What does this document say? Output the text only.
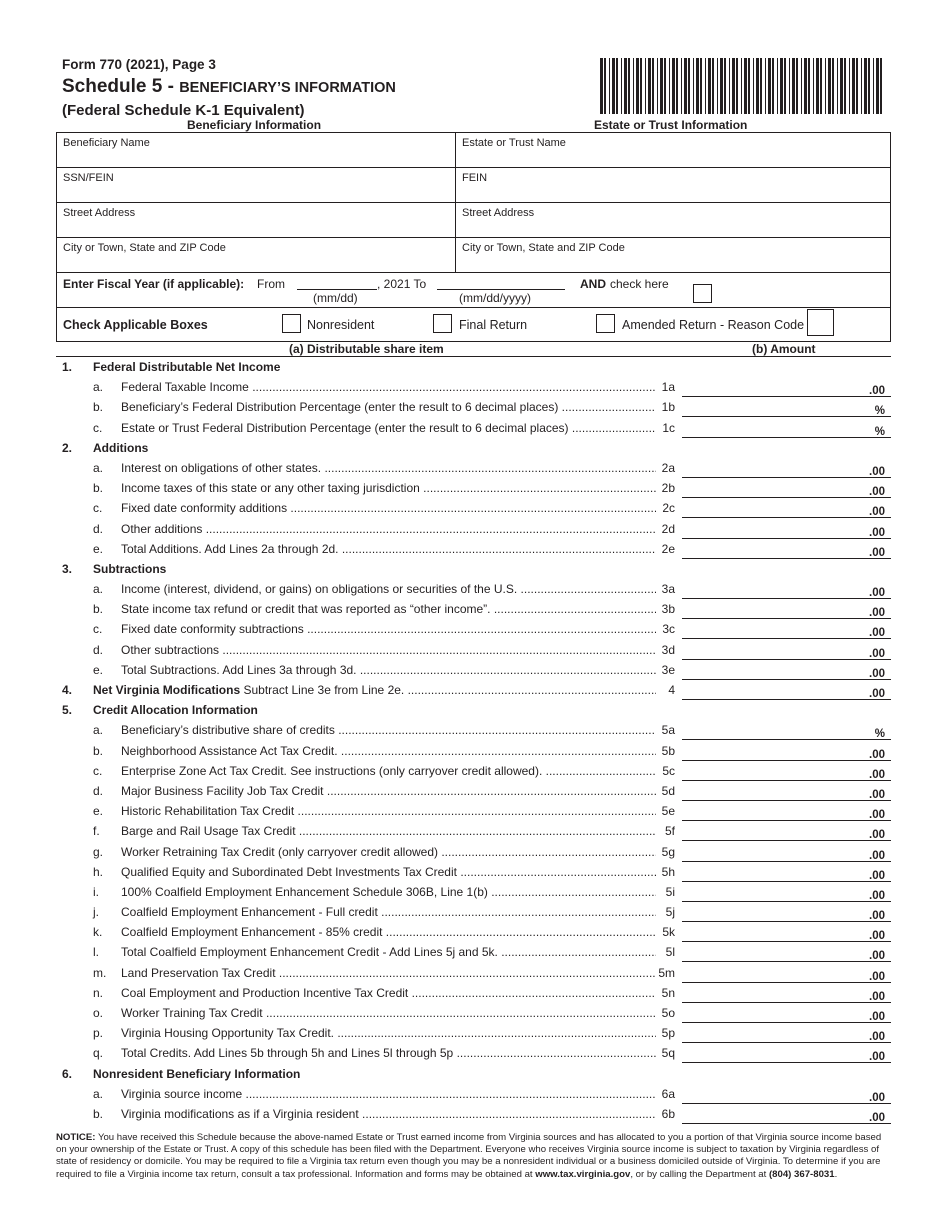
Form 770 (2021), Page 3
Schedule 5 - BENEFICIARY’S INFORMATION
(Federal Schedule K-1 Equivalent)
Beneficiary Information	Estate or Trust Information
Beneficiary Name	Estate or Trust Name
SSN/FEIN	FEIN
Street Address	Street Address
City or Town, State and ZIP Code	City or Town, State and ZIP Code
Enter Fiscal Year (if applicable): From	, 2021 To
(mm/dd)	(mm/dd/yyyy)
AND check here
Check Applicable Boxes	Nonresident	Final Return	Amended Return - Reason Code
(a) Distributable share item	(b) Amount
1. Federal Distributable Net Income
a. Federal Taxable Income .....	1a	.00
b. Beneficiary’s Federal Distribution Percentage (enter the result to 6 decimal places) .....	1b	%
c. Estate or Trust Federal Distribution Percentage (enter the result to 6 decimal places) .....	1c	%
2. Additions
a. Interest on obligations of other states. .....	2a	.00
b. Income taxes of this state or any other taxing jurisdiction .....	2b	.00
c. Fixed date conformity additions .....	2c	.00
d. Other additions .....	2d	.00
e. Total Additions. Add Lines 2a through 2d. .....	2e	.00
3. Subtractions
a. Income (interest, dividend, or gains) on obligations or securities of the U.S. .....	3a	.00
b. State income tax refund or credit that was reported as “other income”. .....	3b	.00
c. Fixed date conformity subtractions .....	3c	.00
d. Other subtractions .....	3d	.00
e. Total Subtractions. Add Lines 3a through 3d. .....	3e	.00
4. Net Virginia Modifications Subtract Line 3e from Line 2e. .....	4	.00
5. Credit Allocation Information
a. Beneficiary’s distributive share of credits .....	5a	%
b. Neighborhood Assistance Act Tax Credit. .....	5b	.00
c. Enterprise Zone Act Tax Credit. See instructions (only carryover credit allowed). .....	5c	.00
d. Major Business Facility Job Tax Credit .....	5d	.00
e. Historic Rehabilitation Tax Credit .....	5e	.00
f. Barge and Rail Usage Tax Credit .....	5f	.00
g. Worker Retraining Tax Credit (only carryover credit allowed) .....	5g	.00
h. Qualified Equity and Subordinated Debt Investments Tax Credit .....	5h	.00
i. 100% Coalfield Employment Enhancement Schedule 306B, Line 1(b) .....	5i	.00
j. Coalfield Employment Enhancement - Full credit .....	5j	.00
k. Coalfield Employment Enhancement - 85% credit .....	5k	.00
l. Total Coalfield Employment Enhancement Credit - Add Lines 5j and 5k. .....	5l	.00
m. Land Preservation Tax Credit .....	5m	.00
n. Coal Employment and Production Incentive Tax Credit .....	5n	.00
o. Worker Training Tax Credit .....	5o	.00
p. Virginia Housing Opportunity Tax Credit. .....	5p	.00
q. Total Credits. Add Lines 5b through 5h and Lines 5l through 5p .....	5q	.00
6. Nonresident Beneficiary Information
a. Virginia source income .....	6a	.00
b. Virginia modifications as if a Virginia resident .....	6b	.00
NOTICE: You have received this Schedule because the above-named Estate or Trust earned income from Virginia sources and has allocated to you a portion of that Virginia source income based on your ownership of the Estate or Trust. A copy of this schedule has been filed with the Department. Everyone who receives Virginia source income is subject to taxation by Virginia regardless of state of residency or domicile. You may be required to file a Virginia tax return even though you may be a nonresident individual or a business domiciled outside of Virginia. To determine if you are required to file a Virginia income tax return, consult a tax professional. Information and forms may be obtained at www.tax.virginia.gov, or by calling the Department at (804) 367-8031.
